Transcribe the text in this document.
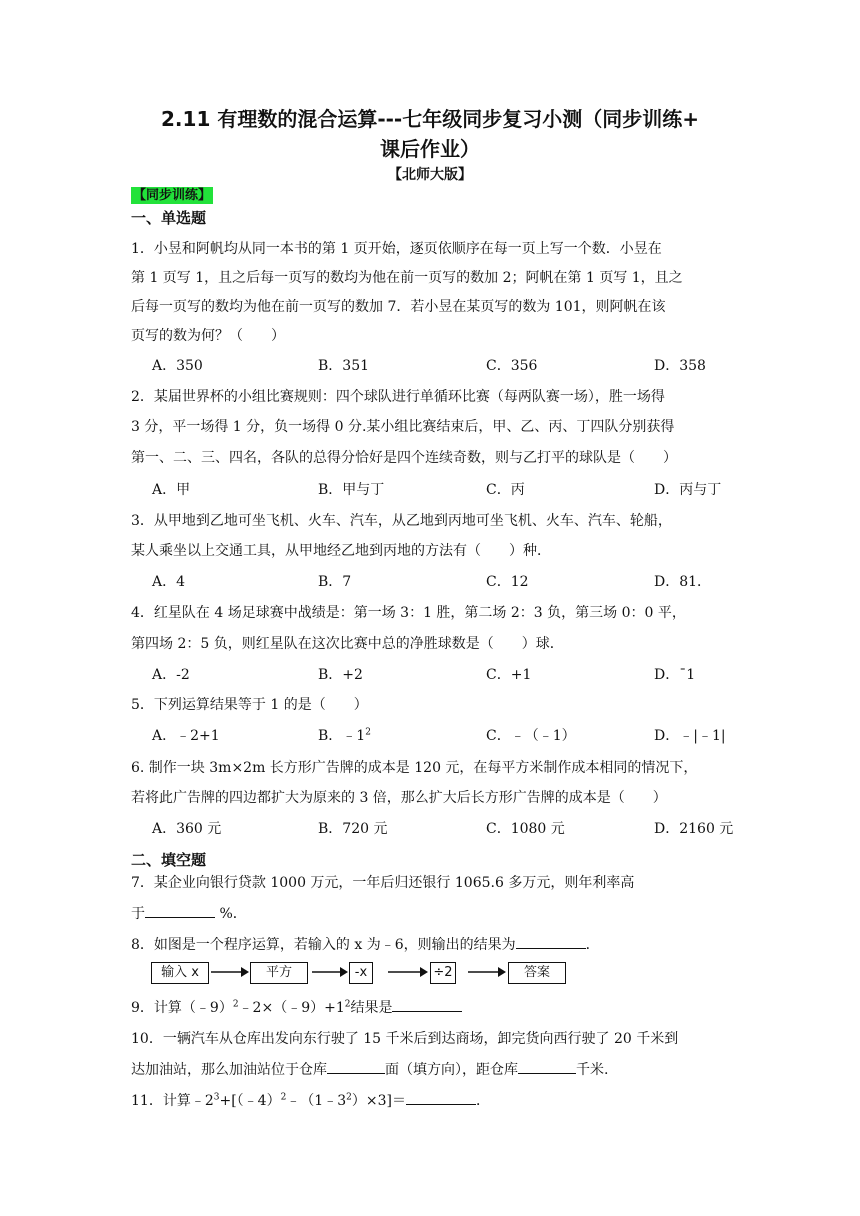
2.11 有理数的混合运算---七年级同步复习小测（同步训练+
课后作业）
【北师大版】
【同步训练】
一、单选题
1．小昱和阿帆均从同一本书的第 1 页开始，逐页依顺序在每一页上写一个数．小昱在
第 1 页写 1，且之后每一页写的数均为他在前一页写的数加 2；阿帆在第 1 页写 1，且之
后每一页写的数均为他在前一页写的数加 7．若小昱在某页写的数为 101，则阿帆在该
页写的数为何？（　　）
A．350	B．351	C．356	D．358
2．某届世界杯的小组比赛规则：四个球队进行单循环比赛（每两队赛一场），胜一场得
3 分，平一场得 1 分，负一场得 0 分.某小组比赛结束后，甲、乙、丙、丁四队分别获得
第一、二、三、四名，各队的总得分恰好是四个连续奇数，则与乙打平的球队是（　　）
A．甲	B．甲与丁	C．丙	D．丙与丁
3．从甲地到乙地可坐飞机、火车、汽车，从乙地到丙地可坐飞机、火车、汽车、轮船，
某人乘坐以上交通工具，从甲地经乙地到丙地的方法有（　　）种．
A．4	B．7	C．12	D．81．
4．红星队在 4 场足球赛中战绩是：第一场 3：1 胜，第二场 2：3 负，第三场 0：0 平，
第四场 2：5 负，则红星队在这次比赛中总的净胜球数是（　　）球．
A．-2	B．+2	C．+1	D．¯1
5．下列运算结果等于 1 的是（　　）
A．﹣2+1	B．$﹣1^2$	C．﹣（﹣1）	D．﹣|﹣1|
6. 制作一块 3m×2m 长方形广告牌的成本是 120 元，在每平方米制作成本相同的情况下，
若将此广告牌的四边都扩大为原来的 3 倍，那么扩大后长方形广告牌的成本是（　　）
A．360 元	B．720 元	C．1080 元	D．2160 元
二、填空题
7．某企业向银行贷款 1000 万元，一年后归还银行 1065.6 多万元，则年利率高
于	%．
8．如图是一个程序运算，若输入的 x 为﹣6，则输出的结果为	．
输入 x	平方	-x	÷2	答案
9．计算$(﹣9)^2﹣2\times(﹣9)+1^2$结果是
10．一辆汽车从仓库出发向东行驶了 15 千米后到达商场，卸完货向西行驶了 20 千米到
达加油站，那么加油站位于仓库	面（填方向），距仓库	千米.
11．计算$﹣2^3+[(﹣4)^2﹣(1﹣3^2)\times 3]=$	．
